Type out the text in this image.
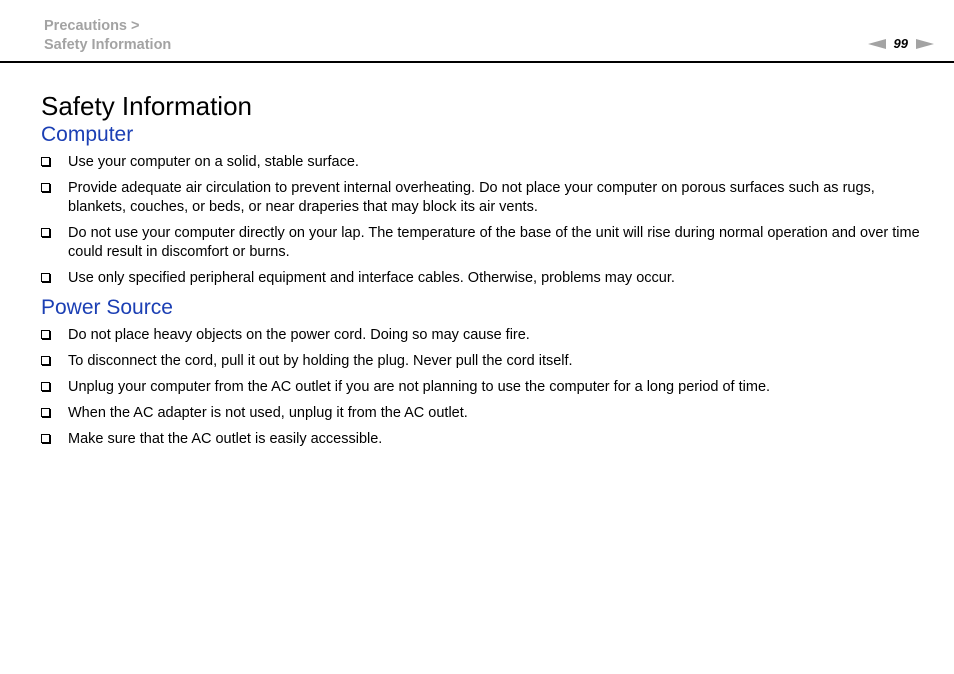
Precautions >
Safety Information	99
Safety Information
Computer
Use your computer on a solid, stable surface.
Provide adequate air circulation to prevent internal overheating. Do not place your computer on porous surfaces such as rugs, blankets, couches, or beds, or near draperies that may block its air vents.
Do not use your computer directly on your lap. The temperature of the base of the unit will rise during normal operation and over time could result in discomfort or burns.
Use only specified peripheral equipment and interface cables. Otherwise, problems may occur.
Power Source
Do not place heavy objects on the power cord. Doing so may cause fire.
To disconnect the cord, pull it out by holding the plug. Never pull the cord itself.
Unplug your computer from the AC outlet if you are not planning to use the computer for a long period of time.
When the AC adapter is not used, unplug it from the AC outlet.
Make sure that the AC outlet is easily accessible.
